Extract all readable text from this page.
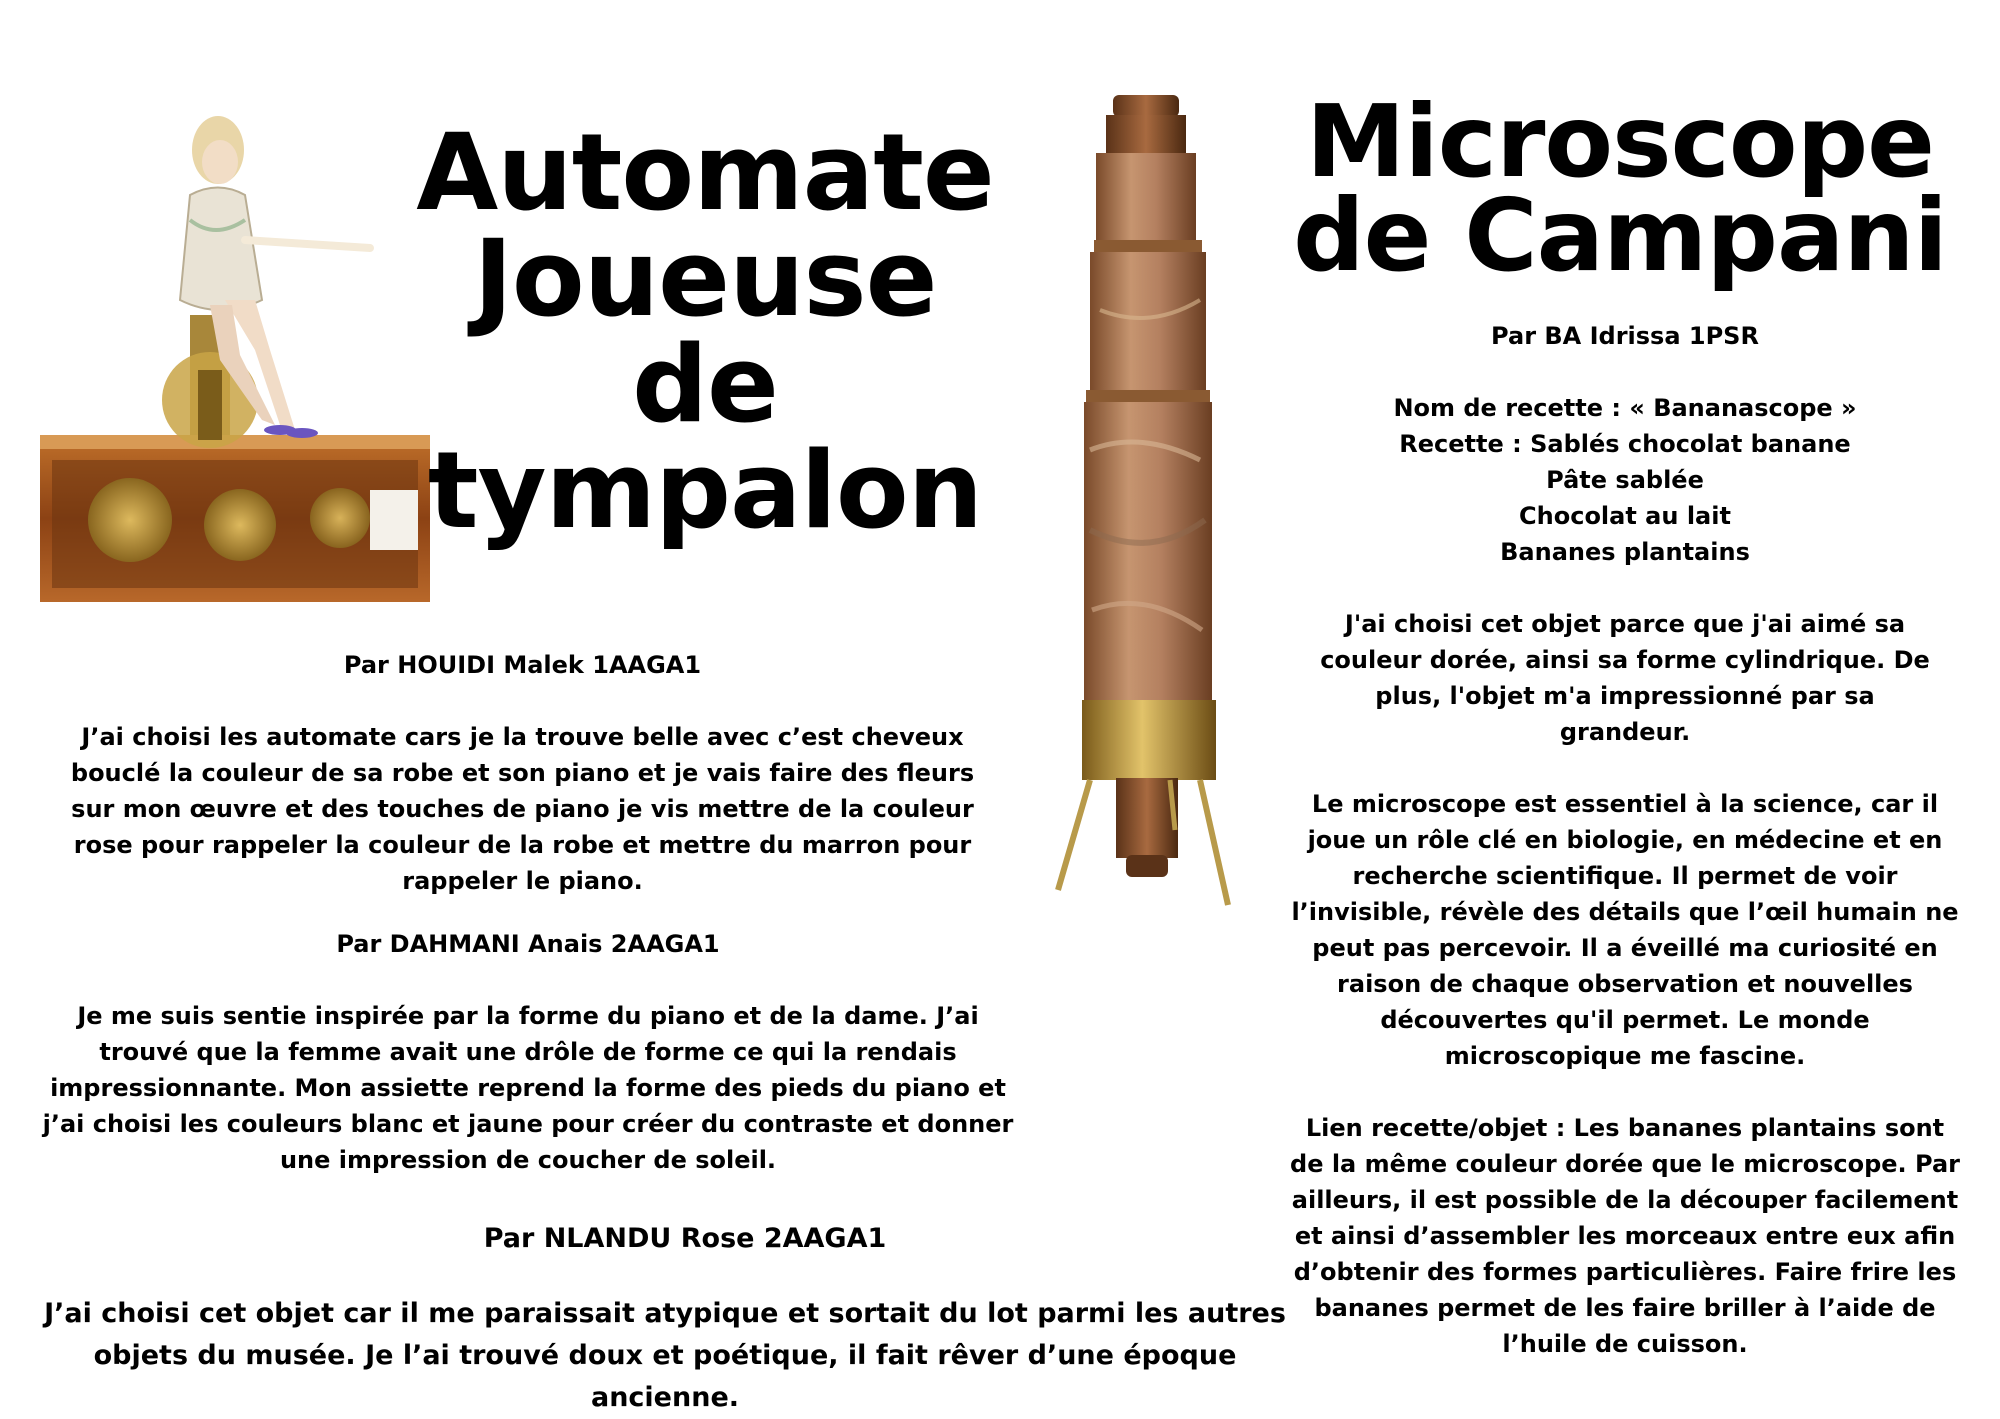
Automate
Joueuse de
tympalon
Microscope
de Campani
Par BA Idrissa 1PSR
Nom de recette : « Bananascope »
Recette : Sablés chocolat banane
Pâte sablée
Chocolat au lait
Bananes plantains

J'ai choisi cet objet parce que j'ai aimé sa couleur dorée, ainsi sa forme cylindrique. De plus, l'objet m'a impressionné par sa grandeur.

Le microscope est essentiel à la science, car il joue un rôle clé en biologie, en médecine et en recherche scientifique. Il permet de voir l’invisible, révèle des détails que l’œil humain ne peut pas percevoir. Il a éveillé ma curiosité en raison de chaque observation et nouvelles découvertes qu'il permet. Le monde microscopique me fascine.

Lien recette/objet : Les bananes plantains sont de la même couleur dorée que le microscope. Par ailleurs, il est possible de la découper facilement et ainsi d’assembler les morceaux entre eux afin d’obtenir des formes particulières. Faire frire les bananes permet de les faire briller à l’aide de l’huile de cuisson.

Par HOUIDI Malek 1AAGA1

J’ai choisi les automate cars je la trouve belle avec c’est cheveux bouclé la couleur de sa robe et son piano et je vais faire des fleurs sur mon œuvre et des touches de piano je vis mettre de la couleur rose pour rappeler la couleur de la robe et mettre du marron pour rappeler le piano.

Par DAHMANI Anais 2AAGA1

Je me suis sentie inspirée par la forme du piano et de la dame. J’ai trouvé que la femme avait une drôle de forme ce qui la rendais impressionnante. Mon assiette reprend la forme des pieds du piano et j’ai choisi les couleurs blanc et jaune pour créer du contraste et donner une impression de coucher de soleil.

Par NLANDU Rose 2AAGA1

J’ai choisi cet objet car il me paraissait atypique et sortait du lot parmi les autres objets du musée. Je l’ai trouvé doux et poétique, il fait rêver d’une époque ancienne.
